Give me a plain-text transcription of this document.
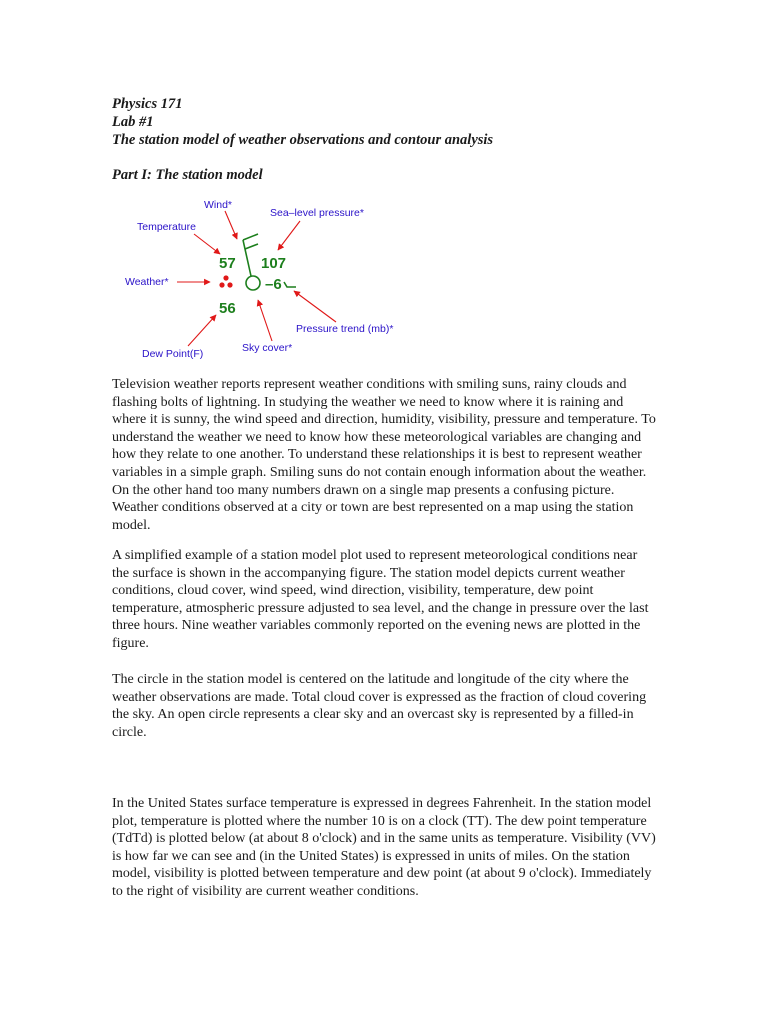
Physics 171

Lab #1

The station model of weather observations and contour analysis

Part I: The station model

Wind*
Sea–level pressure*
Temperature
Weather*
Pressure trend (mb)*
Sky cover*
Dew Point(F)
57 107
56
–6

Television weather reports represent weather conditions with smiling suns, rainy clouds and flashing bolts of lightning. In studying the weather we need to know where it is raining and where it is sunny, the wind speed and direction, humidity, visibility, pressure and temperature. To understand the weather we need to know how these meteorological variables are changing and how they relate to one another. To understand these relationships it is best to represent weather variables in a simple graph. Smiling suns do not contain enough information about the weather. On the other hand too many numbers drawn on a single map presents a confusing picture. Weather conditions observed at a city or town are best represented on a map using the station model.

A simplified example of a station model plot used to represent meteorological conditions near the surface is shown in the accompanying figure. The station model depicts current weather conditions, cloud cover, wind speed, wind direction, visibility, temperature, dew point temperature, atmospheric pressure adjusted to sea level, and the change in pressure over the last three hours. Nine weather variables commonly reported on the evening news are plotted in the figure.

The circle in the station model is centered on the latitude and longitude of the city where the weather observations are made. Total cloud cover is expressed as the fraction of cloud covering the sky. An open circle represents a clear sky and an overcast sky is represented by a filled-in circle.

In the United States surface temperature is expressed in degrees Fahrenheit. In the station model plot, temperature is plotted where the number 10 is on a clock (TT). The dew point temperature (TdTd) is plotted below (at about 8 o'clock) and in the same units as temperature. Visibility (VV) is how far we can see and (in the United States) is expressed in units of miles. On the station model, visibility is plotted between temperature and dew point (at about 9 o'clock). Immediately to the right of visibility are current weather conditions.
